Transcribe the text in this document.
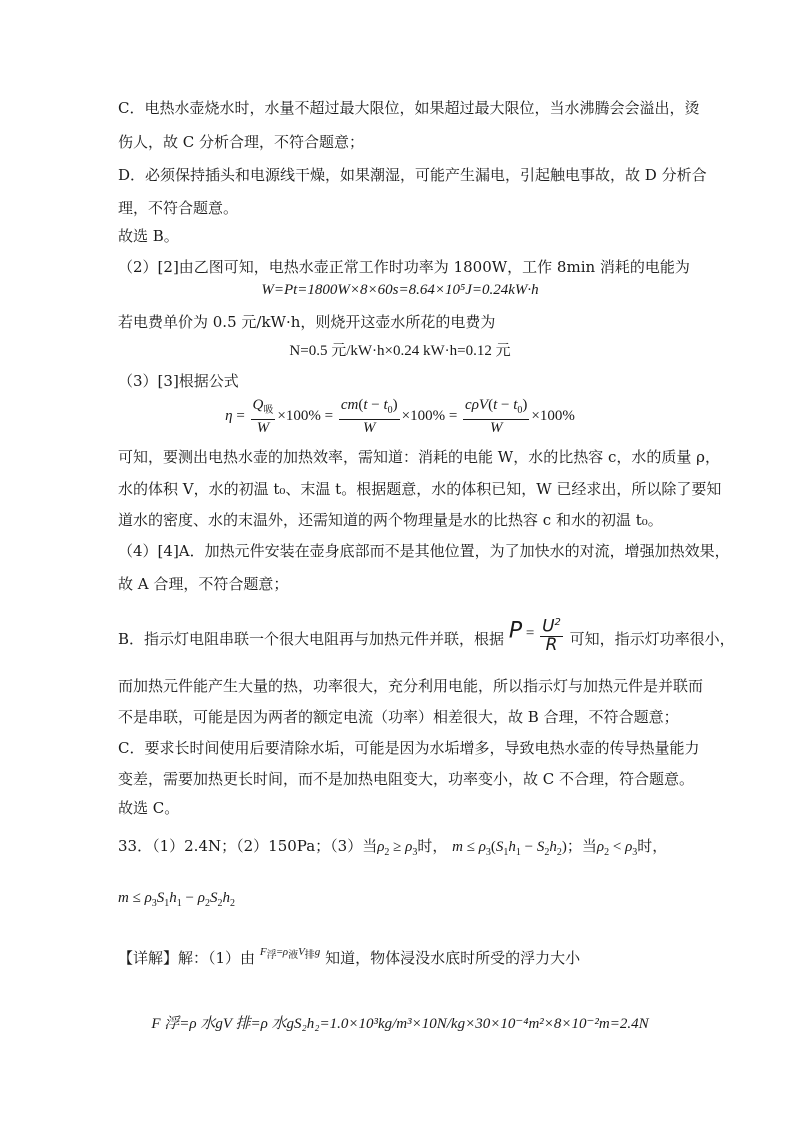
C．电热水壶烧水时，水量不超过最大限位，如果超过最大限位，当水沸腾会会溢出，烫
伤人，故 C 分析合理，不符合题意；
D．必须保持插头和电源线干燥，如果潮湿，可能产生漏电，引起触电事故，故 D 分析合
理，不符合题意。
故选 B。
（2）[2]由乙图可知，电热水壶正常工作时功率为 1800W，工作 8min 消耗的电能为
W=Pt=1800W×8×60s=8.64×10⁵J=0.24kW·h
若电费单价为 0.5 元/kW·h，则烧开这壶水所花的电费为
N=0.5 元/kW·h×0.24 kW·h=0.12 元
（3）[3]根据公式
$\eta = \frac{Q_吸}{W} \times 100\% = \frac{cm(t - t_0)}{W} \times 100\% = \frac{c\rho V(t - t_0)}{W} \times 100\%$
可知，要测出电热水壶的加热效率，需知道：消耗的电能 W，水的比热容 c，水的质量 ρ，
水的体积 V，水的初温 t₀、末温 t。根据题意，水的体积已知，W 已经求出，所以除了要知
道水的密度、水的末温外，还需知道的两个物理量是水的比热容 c 和水的初温 t₀。
（4）[4]A．加热元件安装在壶身底部而不是其他位置，为了加快水的对流，增强加热效果，
故 A 合理，不符合题意；
B．指示灯电阻串联一个很大电阻再与加热元件并联，根据 $P = \frac{U^2}{R}$ 可知，指示灯功率很小，
而加热元件能产生大量的热，功率很大，充分利用电能，所以指示灯与加热元件是并联而
不是串联，可能是因为两者的额定电流（功率）相差很大，故 B 合理，不符合题意；
C．要求长时间使用后要清除水垢，可能是因为水垢增多，导致电热水壶的传导热量能力
变差，需要加热更长时间，而不是加热电阻变大，功率变小，故 C 不合理，符合题意。
故选 C。
33．（1）2.4N；（2）150Pa；（3）当$\rho_2 \ge \rho_3$时， $m \le \rho_3(S_1h_1 - S_2h_2)$；当$\rho_2 < \rho_3$时，
$m \le \rho_3S_1h_1 - \rho_2S_2h_2$
【详解】解：（1）由 $^{F_浮=\rho_液V_排g}$ 知道，物体浸没水底时所受的浮力大小
F 浮=ρ 水gV 排=ρ 水gS₂h₂=1.0×10³kg/m³×10N/kg×30×10⁻⁴m²×8×10⁻²m=2.4N
